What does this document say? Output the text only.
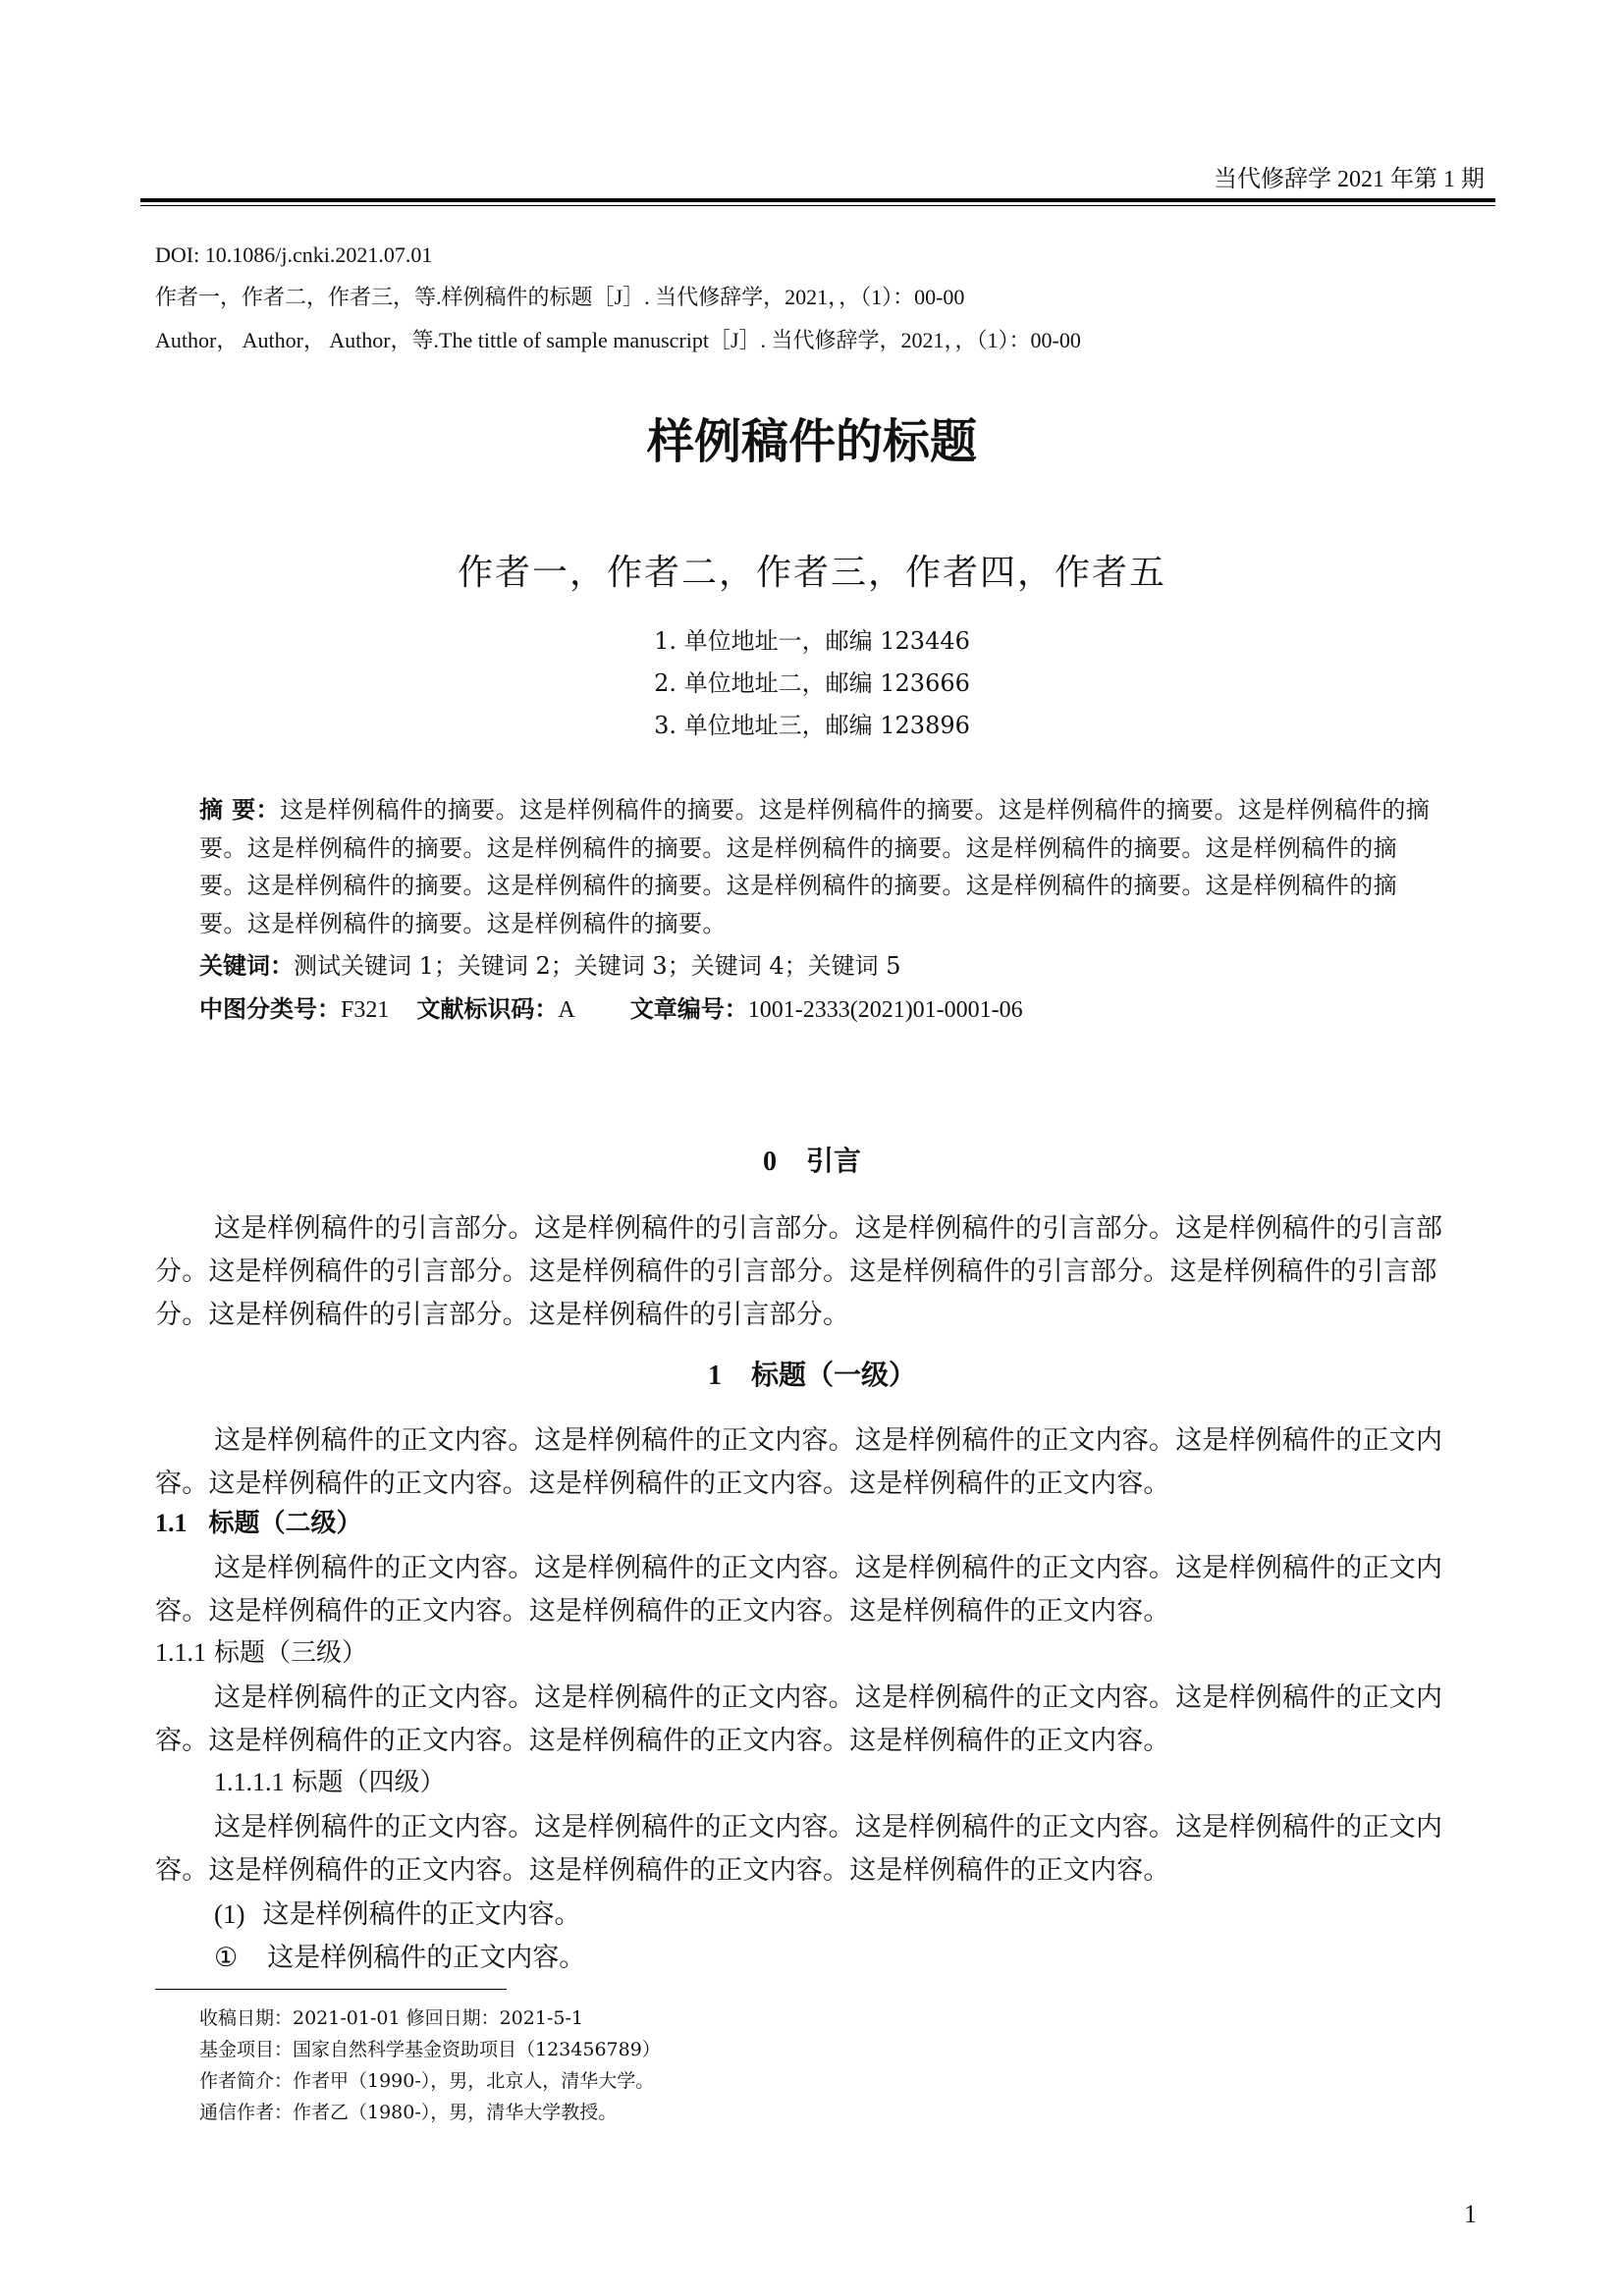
当代修辞学 2021 年第 1 期
DOI: 10.1086/j.cnki.2021.07.01
作者一，作者二，作者三，等.样例稿件的标题［J］. 当代修辞学，2021，，（1）：00-00
Author， Author， Author，等.The tittle of sample manuscript［J］. 当代修辞学，2021，，（1）：00-00
样例稿件的标题
作者一，作者二，作者三，作者四，作者五
1. 单位地址一，邮编 123446
2. 单位地址二，邮编 123666
3. 单位地址三，邮编 123896
摘 要：这是样例稿件的摘要。这是样例稿件的摘要。这是样例稿件的摘要。这是样例稿件的摘要。这是样例稿件的摘要。这是样例稿件的摘要。这是样例稿件的摘要。这是样例稿件的摘要。这是样例稿件的摘要。这是样例稿件的摘要。这是样例稿件的摘要。这是样例稿件的摘要。这是样例稿件的摘要。这是样例稿件的摘要。这是样例稿件的摘要。这是样例稿件的摘要。这是样例稿件的摘要。
关键词：测试关键词 1；关键词 2；关键词 3；关键词 4；关键词 5
中图分类号：F321 文献标识码：A 文章编号：1001-2333(2021)01-0001-06
0 引言
这是样例稿件的引言部分。这是样例稿件的引言部分。这是样例稿件的引言部分。这是样例稿件的引言部分。这是样例稿件的引言部分。这是样例稿件的引言部分。这是样例稿件的引言部分。这是样例稿件的引言部分。这是样例稿件的引言部分。这是样例稿件的引言部分。
1 标题（一级）
这是样例稿件的正文内容。这是样例稿件的正文内容。这是样例稿件的正文内容。这是样例稿件的正文内容。这是样例稿件的正文内容。这是样例稿件的正文内容。这是样例稿件的正文内容。
1.1 标题（二级）
这是样例稿件的正文内容。这是样例稿件的正文内容。这是样例稿件的正文内容。这是样例稿件的正文内容。这是样例稿件的正文内容。这是样例稿件的正文内容。这是样例稿件的正文内容。
1.1.1 标题（三级）
这是样例稿件的正文内容。这是样例稿件的正文内容。这是样例稿件的正文内容。这是样例稿件的正文内容。这是样例稿件的正文内容。这是样例稿件的正文内容。这是样例稿件的正文内容。
1.1.1.1 标题（四级）
这是样例稿件的正文内容。这是样例稿件的正文内容。这是样例稿件的正文内容。这是样例稿件的正文内容。这是样例稿件的正文内容。这是样例稿件的正文内容。这是样例稿件的正文内容。
(1) 这是样例稿件的正文内容。
① 这是样例稿件的正文内容。
收稿日期：2021-01-01 修回日期：2021-5-1
基金项目：国家自然科学基金资助项目（123456789）
作者简介：作者甲（1990-），男，北京人，清华大学。
通信作者：作者乙（1980-），男，清华大学教授。
1
